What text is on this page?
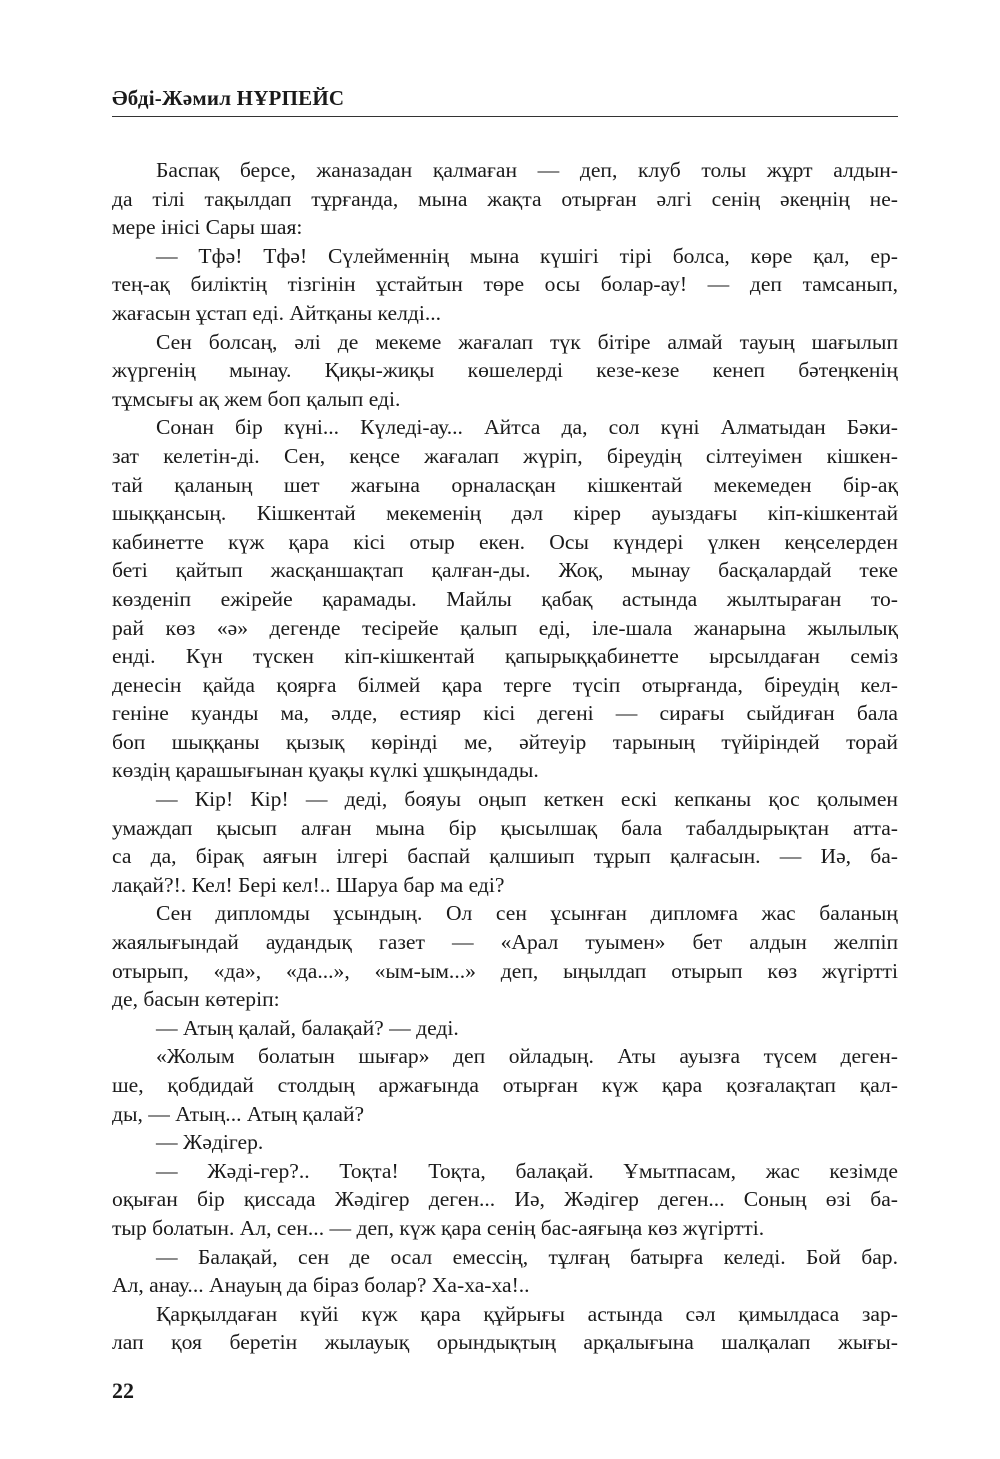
Әбді-Жәмил НҰРПЕЙС
Баспақ берсе, жаназадан қалмаған — деп, клуб толы жұрт алдын-
да тілі тақылдап тұрғанда, мына жақта отырған әлгі сенің әкеңнің не-
мере інісі Сары шая:
— Тфә! Тфә! Сүлейменнің мына күшігі тірі болса, көре қал, ер-
тең-ақ биліктің тізгінін ұстайтын төре осы болар-ау! — деп тамсанып,
жағасын ұстап еді. Айтқаны келді...
Сен болсаң, әлі де мекеме жағалап түк бітіре алмай тауың шағылып
жүргенің мынау. Қиқы-жиқы көшелерді кезе-кезе кенеп бәтеңкенің
тұмсығы ақ жем боп қалып еді.
Сонан бір күні... Күледі-ау... Айтса да, сол күні Алматыдан Бәки-
зат келетін-ді. Сен, кеңсе жағалап жүріп, біреудің сілтеуімен кішкен-
тай қаланың шет жағына орналасқан кішкентай мекемеден бір-ақ
шыққансың. Кішкентай мекеменің дәл кірер ауыздағы кіп-кішкентай
кабинетте күж қара кісі отыр екен. Осы күндері үлкен кеңселерден
беті қайтып жасқаншақтап қалған-ды. Жоқ, мынау басқалардай теке
көзденіп ежірейе қарамады. Майлы қабақ астында жылтыраған то-
рай көз «ә» дегенде тесірейе қалып еді, іле-шала жанарына жылылық
енді. Күн түскен кіп-кішкентай қапырыққабинетте ырсылдаған семіз
денесін қайда қоярға білмей қара терге түсіп отырғанда, біреудің кел-
геніне куанды ма, әлде, естияр кісі дегені — сирағы сыйдиған бала
боп шыққаны қызық көрінді ме, әйтеуір тарының түйіріндей торай
көздің қарашығынан қуақы күлкі ұшқындады.
— Кір! Кір! — деді, бояуы оңып кеткен ескі кепканы қос қолымен
умаждап қысып алған мына бір қысылшақ бала табалдырықтан атта-
са да, бірақ аяғын ілгері баспай қалшиып тұрып қалғасын. — Иә, ба-
лақай?!. Кел! Бері кел!.. Шаруа бар ма еді?
Сен дипломды ұсындың. Ол сен ұсынған дипломға жас баланың
жаялығындай аудандық газет — «Арал туымен» бет алдын желпіп
отырып, «да», «да...», «ым-ым...» деп, ыңылдап отырып көз жүгіртті
де, басын көтеріп:
— Атың қалай, балақай? — деді.
«Жолым болатын шығар» деп ойладың. Аты ауызға түсем деген-
ше, қобдидай столдың аржағында отырған күж қара қозғалақтап қал-
ды, — Атың... Атың қалай?
— Жәдігер.
— Жәді-гер?.. Тоқта! Тоқта, балақай. Ұмытпасам, жас кезімде
оқыған бір қиссада Жәдігер деген... Иә, Жәдігер деген... Соның өзі ба-
тыр болатын. Ал, сен... — деп, күж қара сенің бас-аяғыңа көз жүгіртті.
— Балақай, сен де осал емессің, тұлғаң батырға келеді. Бой бар.
Ал, анау... Анауың да біраз болар? Ха-ха-ха!..
Қарқылдаған күйі күж қара құйрығы астында сәл қимылдаса зар-
лап қоя беретін жылауық орындықтың арқалығына шалқалап жығы-
22
